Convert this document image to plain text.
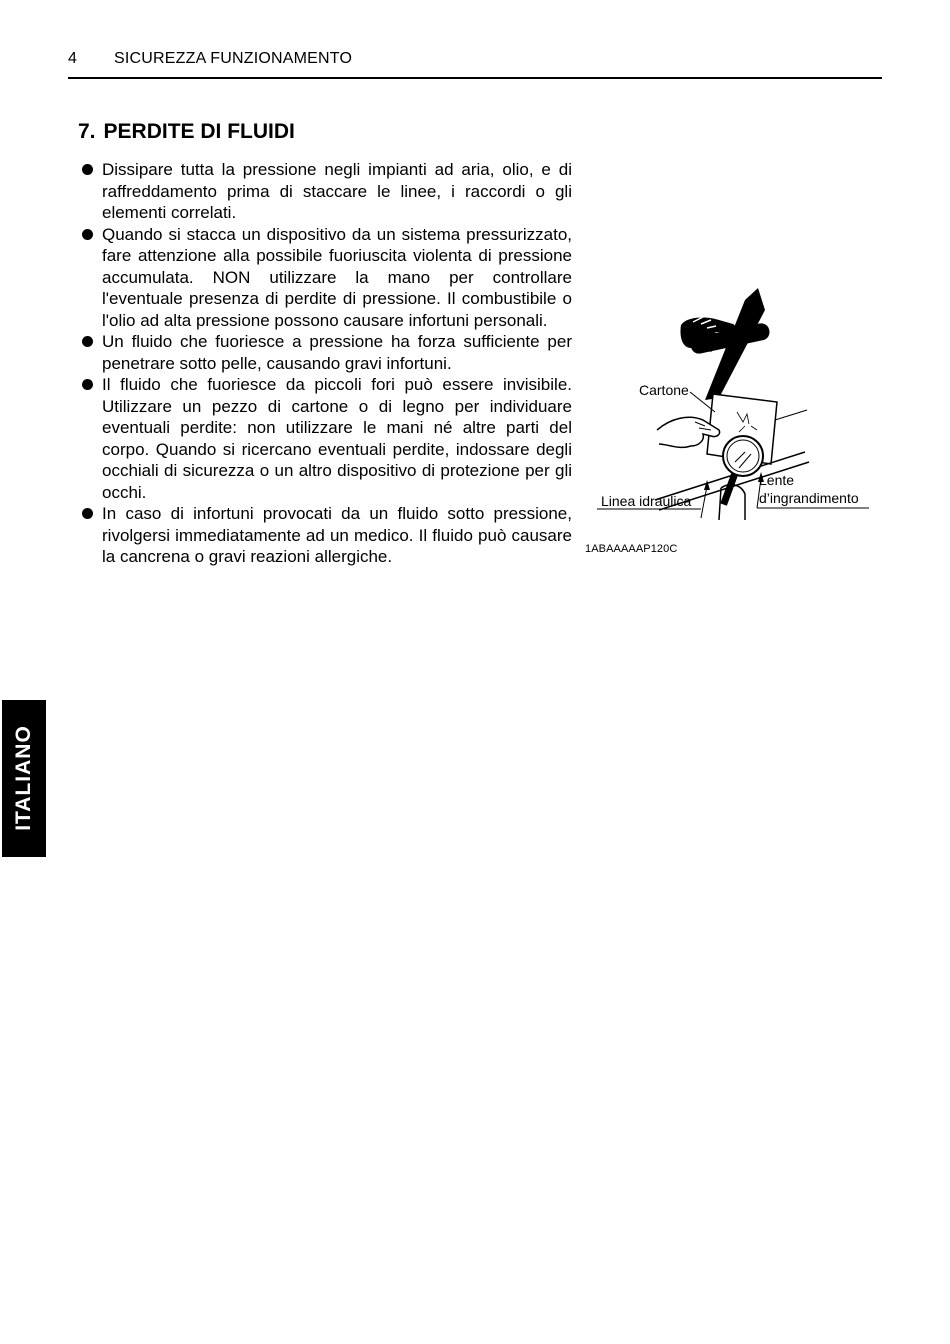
4 SICUREZZA FUNZIONAMENTO
7. PERDITE DI FLUIDI
Dissipare tutta la pressione negli impianti ad aria, olio, e di raffreddamento prima di staccare le linee, i raccordi o gli elementi correlati.
Quando si stacca un dispositivo da un sistema pressurizzato, fare attenzione alla possibile fuoriuscita violenta di pressione accumulata. NON utilizzare la mano per controllare l'eventuale presenza di perdite di pressione. Il combustibile o l'olio ad alta pressione possono causare infortuni personali.
Un fluido che fuoriesce a pressione ha forza sufficiente per penetrare sotto pelle, causando gravi infortuni.
Il fluido che fuoriesce da piccoli fori può essere invisibile. Utilizzare un pezzo di cartone o di legno per individuare eventuali perdite: non utilizzare le mani né altre parti del corpo. Quando si ricercano eventuali perdite, indossare degli occhiali di sicurezza o un altro dispositivo di protezione per gli occhi.
In caso di infortuni provocati da un fluido sotto pressione, rivolgersi immediatamente ad un medico. Il fluido può causare la cancrena o gravi reazioni allergiche.
Cartone
Linea idraulica
Lente
d’ingrandimento
1ABAAAAAP120C
ITALIANO
